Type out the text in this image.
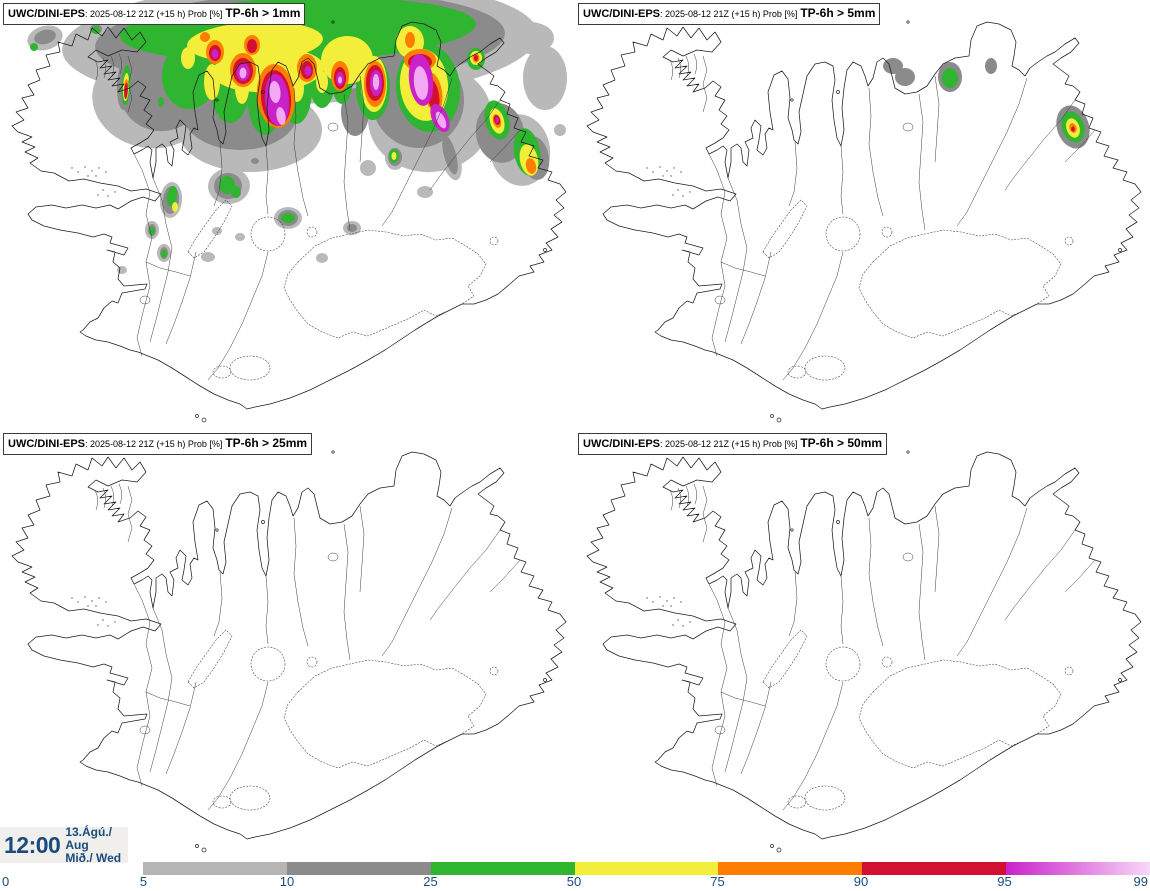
UWC/DINI-EPS: 2025-08-12 21Z (+15 h) Prob [%] TP-6h > 1mm	UWC/DINI-EPS: 2025-08-12 21Z (+15 h) Prob [%] TP-6h > 5mm
UWC/DINI-EPS: 2025-08-12 21Z (+15 h) Prob [%] TP-6h > 25mm	UWC/DINI-EPS: 2025-08-12 21Z (+15 h) Prob [%] TP-6h > 50mm
12:00 13.Ágú./ Aug
Mið./ Wed
0	5	10	25	50	75	90	95	99
